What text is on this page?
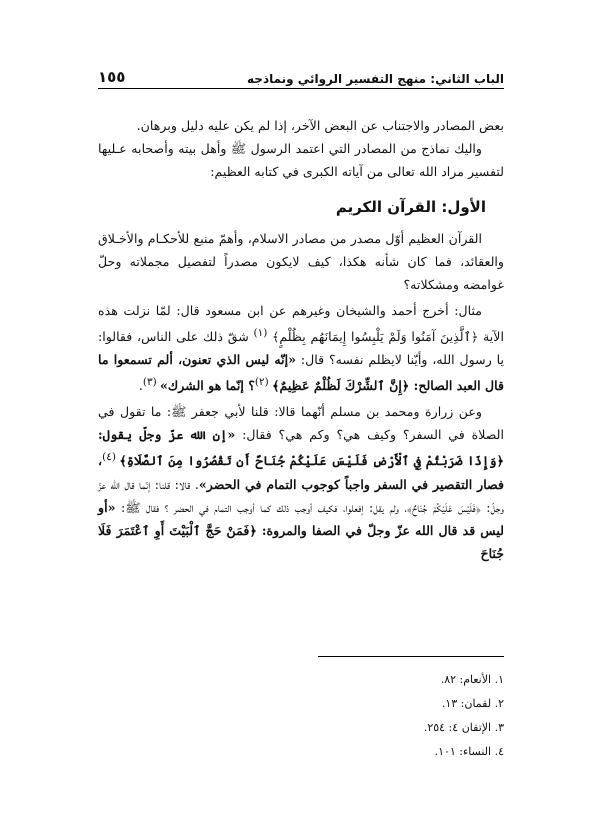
الباب الثاني: منهج التفسير الروائي ونماذجه
١٥٥

بعض المصادر والاجتناب عن البعض الآخر، إذا لم يكن عليه دليل وبرهان.

واليك نماذج من المصادر التي اعتمد الرسول ﷺ وأهل بيته وأصحابه عـليها لتفسير مراد الله تعالى من آياته الكبرى في كتابه العظيم:

الأول: القرآن الكريم

القرآن العظيم أوّل مصدر من مصادر الاسلام، وأهمّ منبع للأحكـام والأخـلاق والعقائد، فما كان شأنه هكذا، كيف لايكون مصدراً لتفصيل مجملاته وحلّ غوامضه ومشكلاته؟

مثال: أخرج أحمد والشيخان وغيرهم عن ابن مسعود قال: لمّا نزلت هذه الآية ﴿ٱلَّذِينَ آمَنُوا وَلَمْ يَلْبِسُوا إِيمَانَهُم بِظُلْمٍ﴾ $^{(١)}$ شقّ ذلك على الناس، فقالوا: يا رسول الله، وأيّنا لايظلم نفسه؟ قال: «إنّه ليس الذي تعنون، ألم تسمعوا ما قال العبد الصالح: ﴿إِنَّ ٱلشِّرْكَ لَظُلْمٌ عَظِيمٌ﴾ $^{(٢)}$؟ إنّما هو الشرك» $^{(٣)}$.

وعن زرارة ومحمد بن مسلم أنّهما قالا: قلنا لأبي جعفر ﷺ: ما تقول في الصلاة في السفر؟ وكيف هي؟ وكم هي؟ فقال: «إن الله عزّ وجلّ يقول: ﴿وَإِذَا ضَرَبْتُمْ فِي ٱلْأَرْضِ فَلَيْسَ عَلَيْكُمْ جُنَاحٌ أَن تَقْصُرُوا مِنَ ٱلصَّلَاةِ﴾ $^{(٤)}$، فصار التقصير في السفر واجباً كوجوب التمام في الحضر». قالا: قلنا: إنّما قال الله عزّ وجلّ: ﴿فَلَيْسَ عَلَيْكُمْ جُنَاحٌ﴾، ولم يقل: إفعلوا، فكيف أوجب ذلك كما أوجب التمام في الحضر ؟ فقال ﷺ: «أو ليس قد قال الله عزّ وجلّ في الصفا والمروة: ﴿فَمَنْ حَجَّ ٱلْبَيْتَ أَوِ ٱعْتَمَرَ فَلَا جُنَاحَ

١. الأنعام: ٨٢.
٢. لقمان: ١٣.
٣. الإتقان ٤: ٢٥٤.
٤. النساء: ١٠١.
